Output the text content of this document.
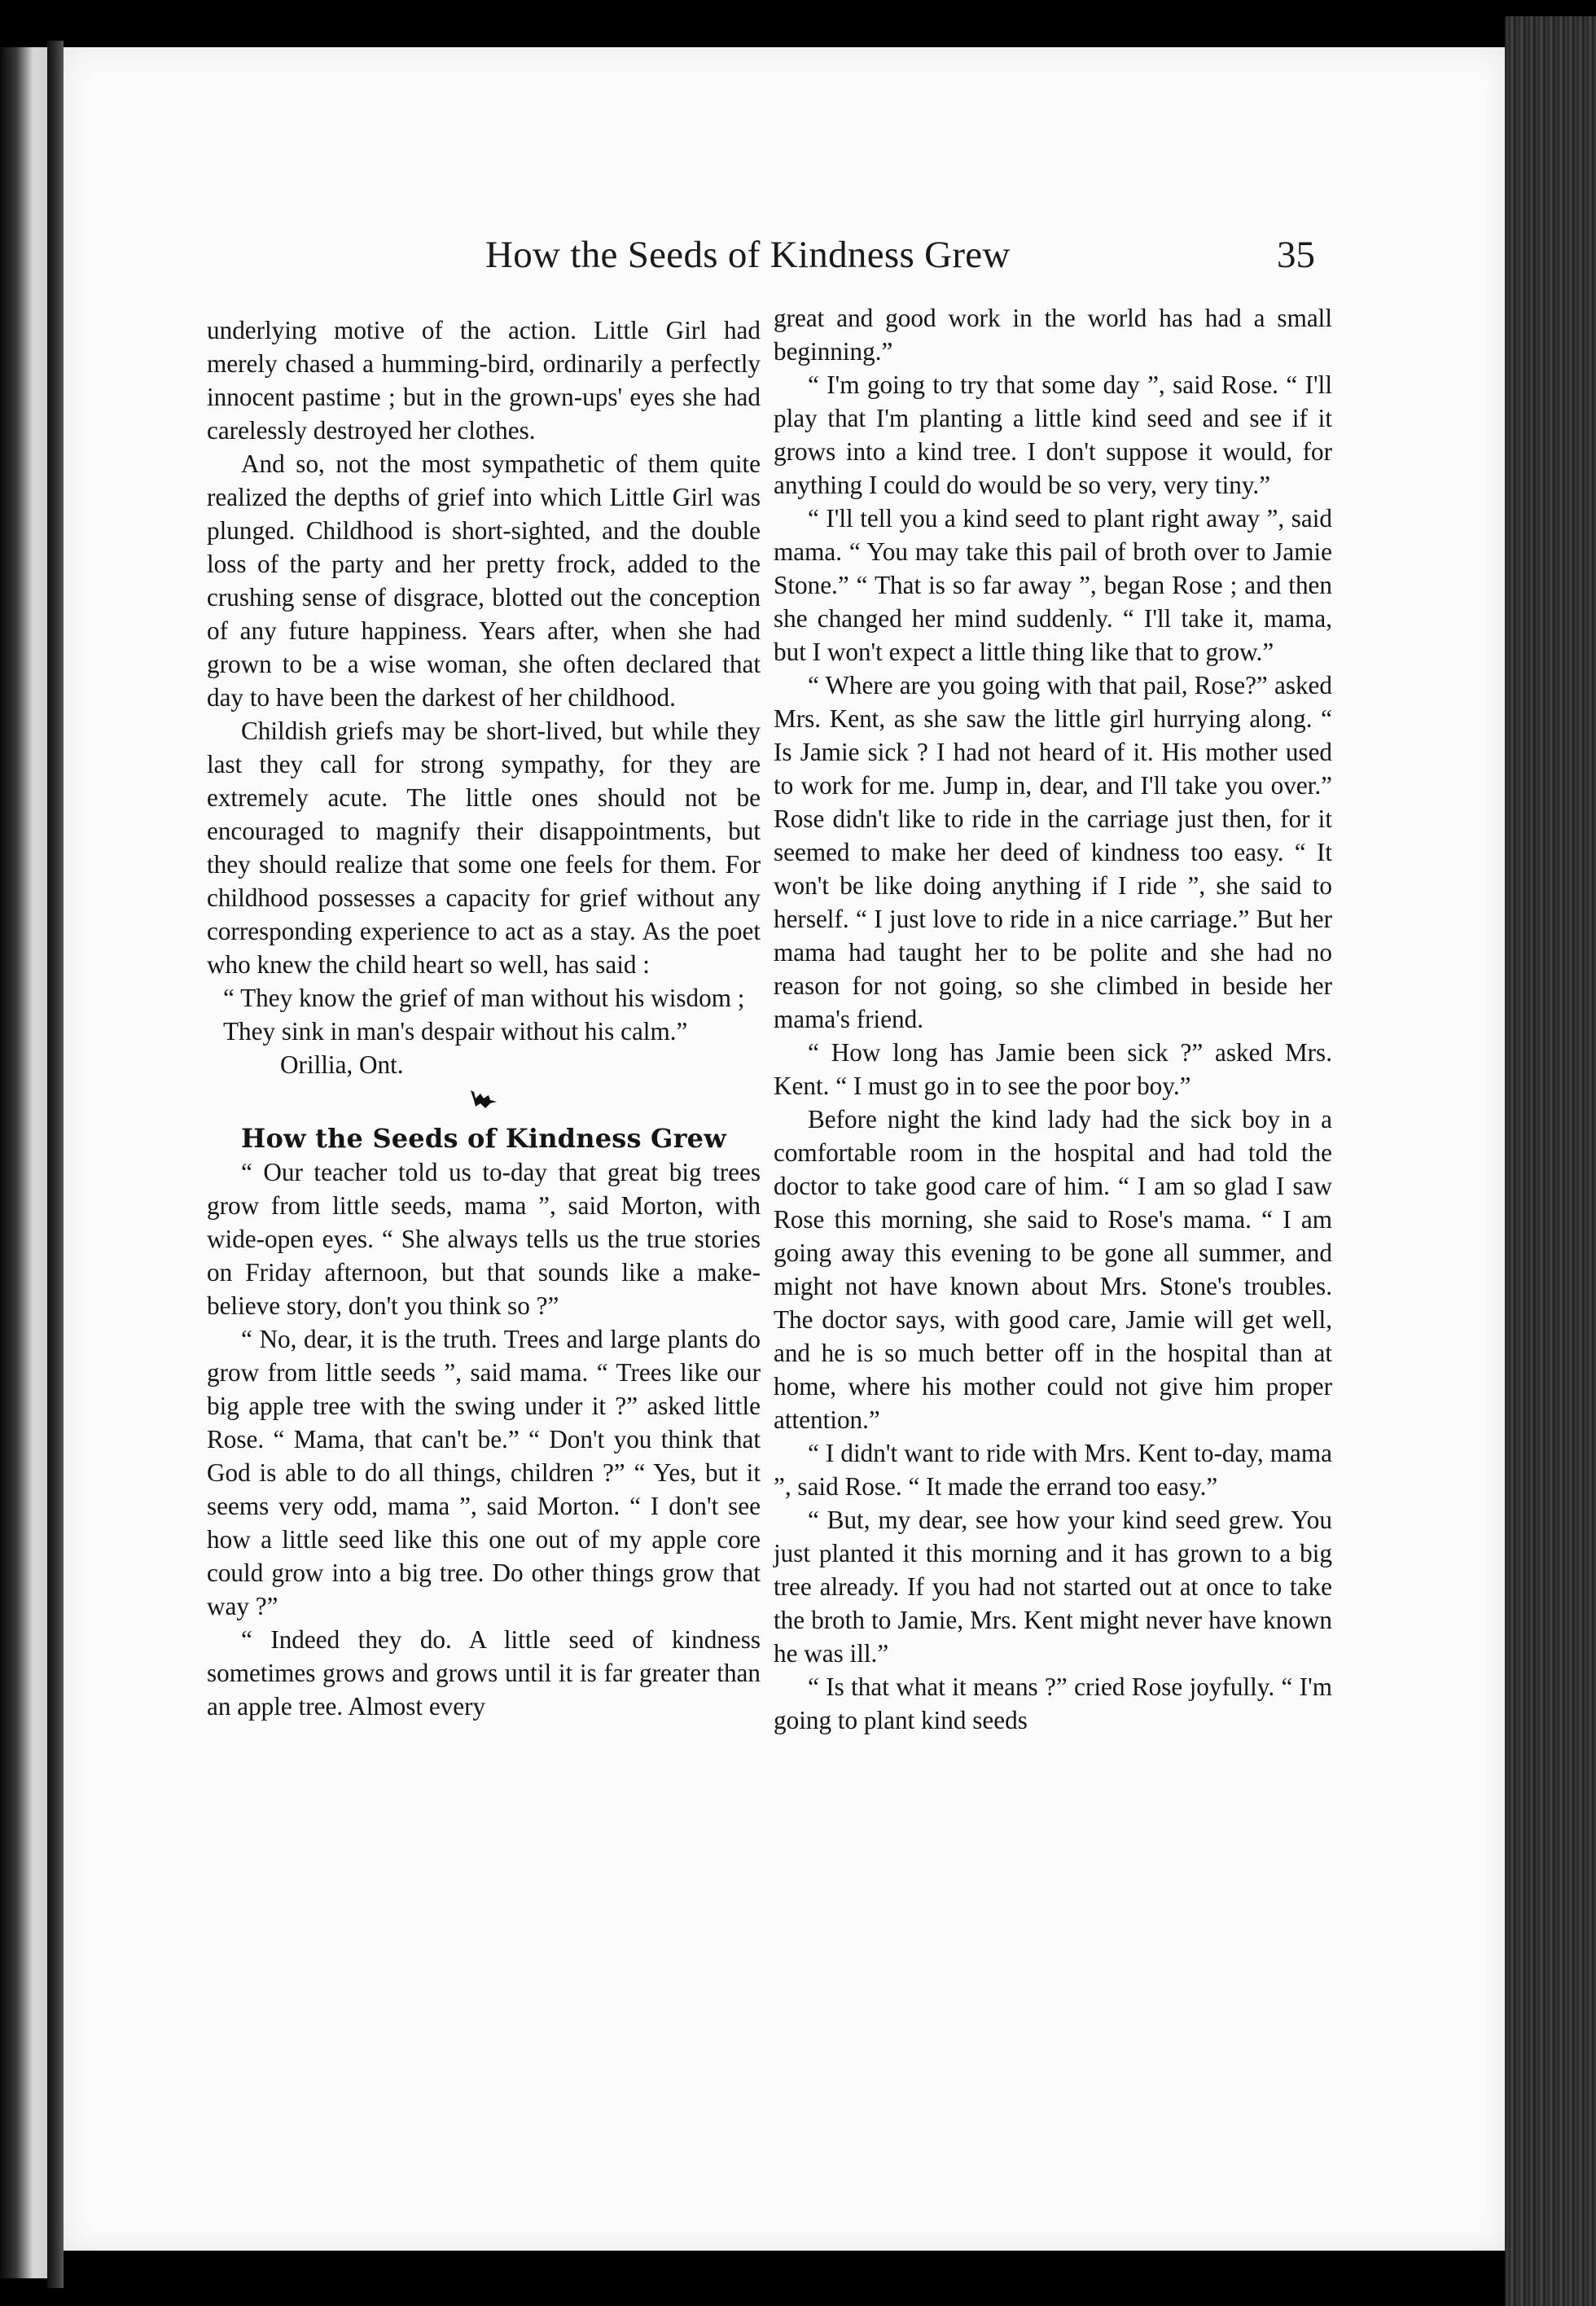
How the Seeds of Kindness Grew	35

underlying motive of the action. Little Girl had merely chased a humming-bird, ordinarily a perfectly innocent pastime ; but in the grown-ups' eyes she had carelessly destroyed her clothes.

And so, not the most sympathetic of them quite realized the depths of grief into which Little Girl was plunged. Childhood is short-sighted, and the double loss of the party and her pretty frock, added to the crushing sense of disgrace, blotted out the conception of any future happiness. Years after, when she had grown to be a wise woman, she often declared that day to have been the darkest of her childhood.

Childish griefs may be short-lived, but while they last they call for strong sympathy, for they are extremely acute. The little ones should not be encouraged to magnify their disappointments, but they should realize that some one feels for them. For childhood possesses a capacity for grief without any corresponding experience to act as a stay. As the poet who knew the child heart so well, has said :

“ They know the grief of man without his wisdom ;
They sink in man's despair without his calm.”

Orillia, Ont.

How the Seeds of Kindness Grew

“ Our teacher told us to-day that great big trees grow from little seeds, mama ”, said Morton, with wide-open eyes. “ She always tells us the true stories on Friday afternoon, but that sounds like a make-believe story, don't you think so ?”

“ No, dear, it is the truth. Trees and large plants do grow from little seeds ”, said mama. “ Trees like our big apple tree with the swing under it ?” asked little Rose. “ Mama, that can't be.” “ Don't you think that God is able to do all things, children ?” “ Yes, but it seems very odd, mama ”, said Morton. “ I don't see how a little seed like this one out of my apple core could grow into a big tree. Do other things grow that way ?”

“ Indeed they do. A little seed of kindness sometimes grows and grows until it is far greater than an apple tree. Almost every

great and good work in the world has had a small beginning.”

“ I'm going to try that some day ”, said Rose. “ I'll play that I'm planting a little kind seed and see if it grows into a kind tree. I don't suppose it would, for anything I could do would be so very, very tiny.”

“ I'll tell you a kind seed to plant right away ”, said mama. “ You may take this pail of broth over to Jamie Stone.” “ That is so far away ”, began Rose ; and then she changed her mind suddenly. “ I'll take it, mama, but I won't expect a little thing like that to grow.”

“ Where are you going with that pail, Rose?” asked Mrs. Kent, as she saw the little girl hurrying along. “ Is Jamie sick ? I had not heard of it. His mother used to work for me. Jump in, dear, and I'll take you over.” Rose didn't like to ride in the carriage just then, for it seemed to make her deed of kindness too easy. “ It won't be like doing anything if I ride ”, she said to herself. “ I just love to ride in a nice carriage.” But her mama had taught her to be polite and she had no reason for not going, so she climbed in beside her mama's friend.

“ How long has Jamie been sick ?” asked Mrs. Kent. “ I must go in to see the poor boy.”

Before night the kind lady had the sick boy in a comfortable room in the hospital and had told the doctor to take good care of him. “ I am so glad I saw Rose this morning, she said to Rose's mama. “ I am going away this evening to be gone all summer, and might not have known about Mrs. Stone's troubles. The doctor says, with good care, Jamie will get well, and he is so much better off in the hospital than at home, where his mother could not give him proper attention.”

“ I didn't want to ride with Mrs. Kent to-day, mama ”, said Rose. “ It made the errand too easy.”

“ But, my dear, see how your kind seed grew. You just planted it this morning and it has grown to a big tree already. If you had not started out at once to take the broth to Jamie, Mrs. Kent might never have known he was ill.”

“ Is that what it means ?” cried Rose joyfully. “ I'm going to plant kind seeds
